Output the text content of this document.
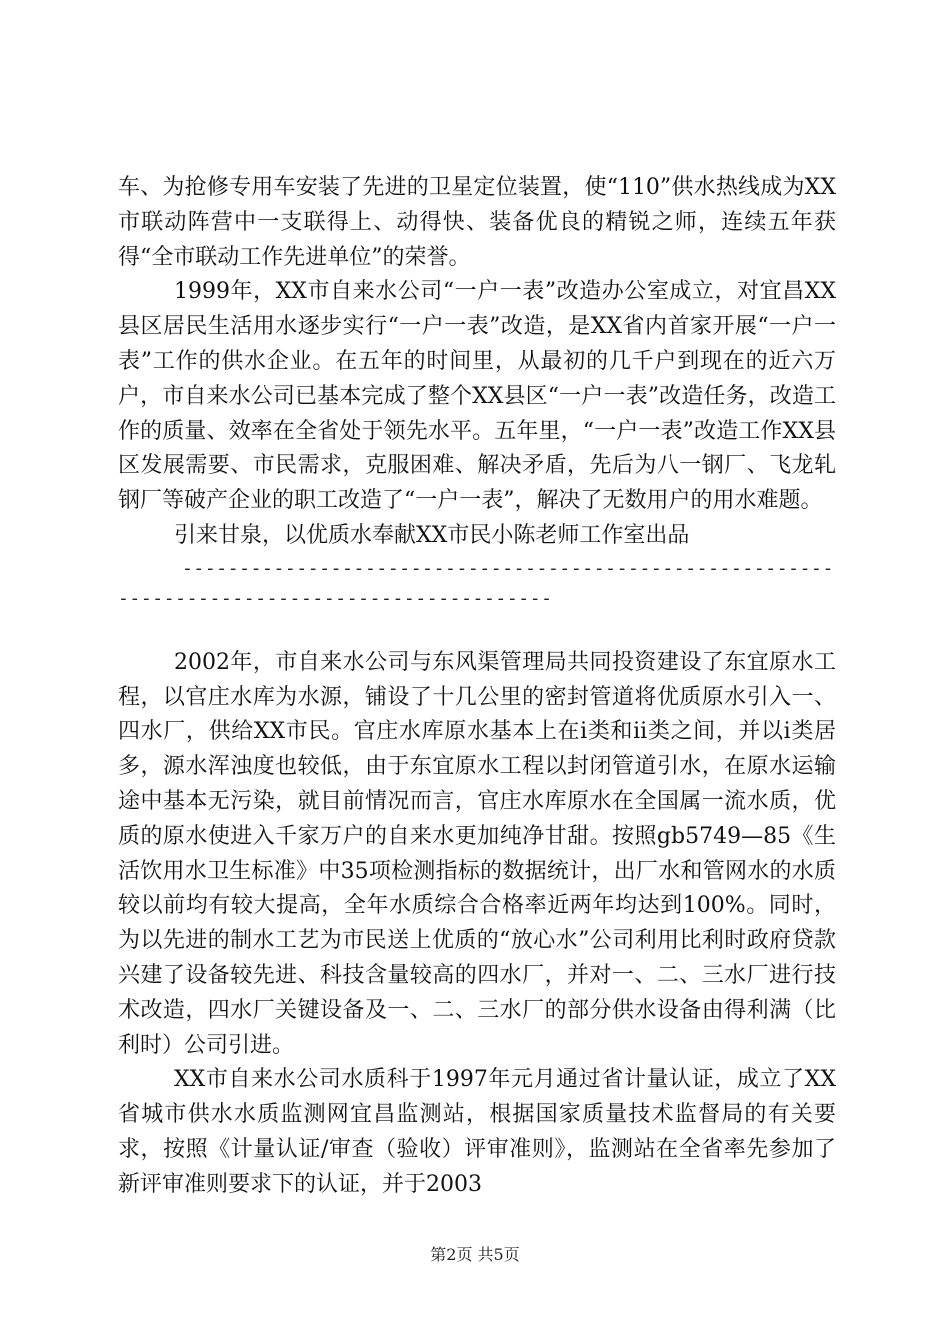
车、为抢修专用车安装了先进的卫星定位装置，使“110”供水热线成为XX市联动阵营中一支联得上、动得快、装备优良的精锐之师，连续五年获得“全市联动工作先进单位”的荣誉。

1999年，XX市自来水公司“一户一表”改造办公室成立，对宜昌XX县区居民生活用水逐步实行“一户一表”改造，是XX省内首家开展“一户一表”工作的供水企业。在五年的时间里，从最初的几千户到现在的近六万户，市自来水公司已基本完成了整个XX县区“一户一表”改造任务，改造工作的质量、效率在全省处于领先水平。五年里，“一户一表”改造工作XX县区发展需要、市民需求，克服困难、解决矛盾，先后为八一钢厂、飞龙轧钢厂等破产企业的职工改造了“一户一表”，解决了无数用户的用水难题。

引来甘泉，以优质水奉献XX市民小陈老师工作室出品

-----------------------------------------------------------------------------------------------

2002年，市自来水公司与东风渠管理局共同投资建设了东宜原水工程，以官庄水库为水源，铺设了十几公里的密封管道将优质原水引入一、四水厂，供给XX市民。官庄水库原水基本上在i类和ii类之间，并以i类居多，源水浑浊度也较低，由于东宜原水工程以封闭管道引水，在原水运输途中基本无污染，就目前情况而言，官庄水库原水在全国属一流水质，优质的原水使进入千家万户的自来水更加纯净甘甜。按照gb5749—85《生活饮用水卫生标准》中35项检测指标的数据统计，出厂水和管网水的水质较以前均有较大提高，全年水质综合合格率近两年均达到100%。同时，为以先进的制水工艺为市民送上优质的“放心水”公司利用比利时政府贷款兴建了设备较先进、科技含量较高的四水厂，并对一、二、三水厂进行技术改造，四水厂关键设备及一、二、三水厂的部分供水设备由得利满（比利时）公司引进。

XX市自来水公司水质科于1997年元月通过省计量认证，成立了XX省城市供水水质监测网宜昌监测站，根据国家质量技术监督局的有关要求，按照《计量认证/审查（验收）评审准则》，监测站在全省率先参加了新评审准则要求下的认证，并于2003

第2页 共5页
